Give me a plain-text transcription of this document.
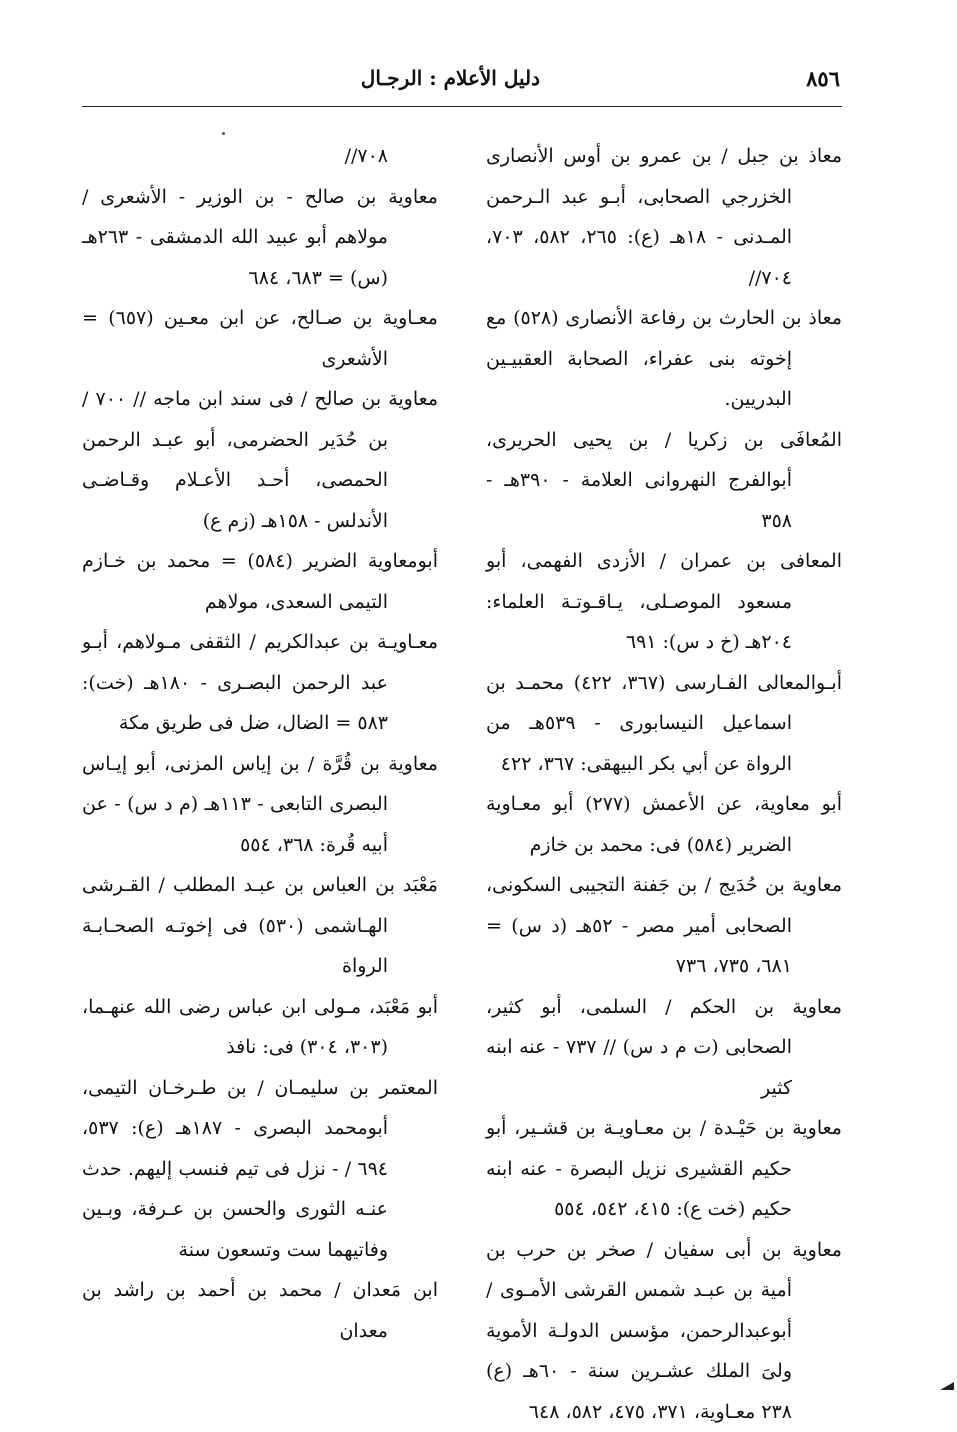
٨٥٦
دليل الأعلام : الرجـال

معاذ بن جبل / بن عمرو بن أوس الأنصارى الخزرجي الصحابى، أبـو عبد الـرحمن المـدنى - ١٨هـ (ع): ٢٦٥، ٥٨٢، ٧٠٣، ٧٠٤//

معاذ بن الحارث بن رفاعة الأنصارى (٥٢٨) مع إخوته بنى عفراء، الصحابة العقبيـين البدريين.

المُعافَى بن زكريا / بن يحيى الحريرى، أبوالفرج النهروانى العلامة - ٣٩٠هـ - ٣٥٨

المعافى بن عمران / الأزدى الفهمى، أبو مسعود الموصـلى، يـاقـوتـة العلماء: ٢٠٤هـ (خ د س): ٦٩١

أبـوالمعالى الفـارسى (٣٦٧، ٤٢٢) محمـد بن اسماعيل النيسابورى - ٥٣٩هـ من الرواة عن أبي بكر البيهقى: ٣٦٧، ٤٢٢

أبو معاوية، عن الأعمش (٢٧٧) أبو معـاوية الضرير (٥٨٤) فى: محمد بن خازم

معاوية بن حُدَيج / بن جَفنة التجيبى السكونى، الصحابى أمير مصر - ٥٢هـ (د س) = ٦٨١، ٧٣٥، ٧٣٦

معاوية بن الحكم / السلمى، أبو كثير، الصحابى (ت م د س) // ٧٣٧ - عنه ابنه كثير

معاوية بن حَيْـدة / بن معـاويـة بن قشـير، أبو حكيم القشيرى نزيل البصرة - عنه ابنه حكيم (خت ع): ٤١٥، ٥٤٢، ٥٥٤

معاوية بن أبى سفيان / صخر بن حرب بن أمية بن عبـد شمس القرشى الأمـوى / أبوعبدالرحمن، مؤسس الدولـة الأموية ولىَ الملك عشـرين سنة - ٦٠هـ (ع) ٢٣٨ معـاوية، ٣٧١، ٤٧٥، ٥٨٢، ٦٤٨

٧٠٨//

معاوية بن صالح - بن الوزير - الأشعرى / مولاهم أبو عبيد الله الدمشقى - ٢٦٣هـ (س) = ٦٨٣، ٦٨٤

معـاوية بن صـالح، عن ابن معـين (٦٥٧) = الأشعرى

معاوية بن صالح / فى سند ابن ماجه // ٧٠٠ / بن حُدَير الحضرمى، أبو عبـد الرحمن الحمصى، أحـد الأعـلام وقـاضـى الأندلس - ١٥٨هـ (زم ع)

أبومعاوية الضرير (٥٨٤) = محمد بن خـازم التيمى السعدى، مولاهم

معـاويـة بن عبدالكريم / الثقفى مـولاهم، أبـو عبد الرحمن البصـرى - ١٨٠هـ (خت): ٥٨٣ = الضال، ضل فى طريق مكة

معاوية بن قُرَّة / بن إياس المزنى، أبو إيـاس البصرى التابعى - ١١٣هـ (م د س) - عن أبيه قُرة: ٣٦٨، ٥٥٤

مَعْبَد بن العباس بن عبـد المطلب / القـرشى الهـاشمى (٥٣٠) فى إخوتـه الصحـابـة الرواة

أبو مَعْبَد، مـولى ابن عباس رضى الله عنهـما، (٣٠٣، ٣٠٤) فى: نافذ

المعتمر بن سليمـان / بن طـرخـان التيمى، أبومحمد البصرى - ١٨٧هـ (ع): ٥٣٧، ٦٩٤ / - نزل فى تيم فنسب إليهم. حدث عنـه الثورى والحسن بن عـرفة، وبـين وفاتيهما ست وتسعون سنة

ابن مَعدان / محمد بن أحمد بن راشد بن معدان
